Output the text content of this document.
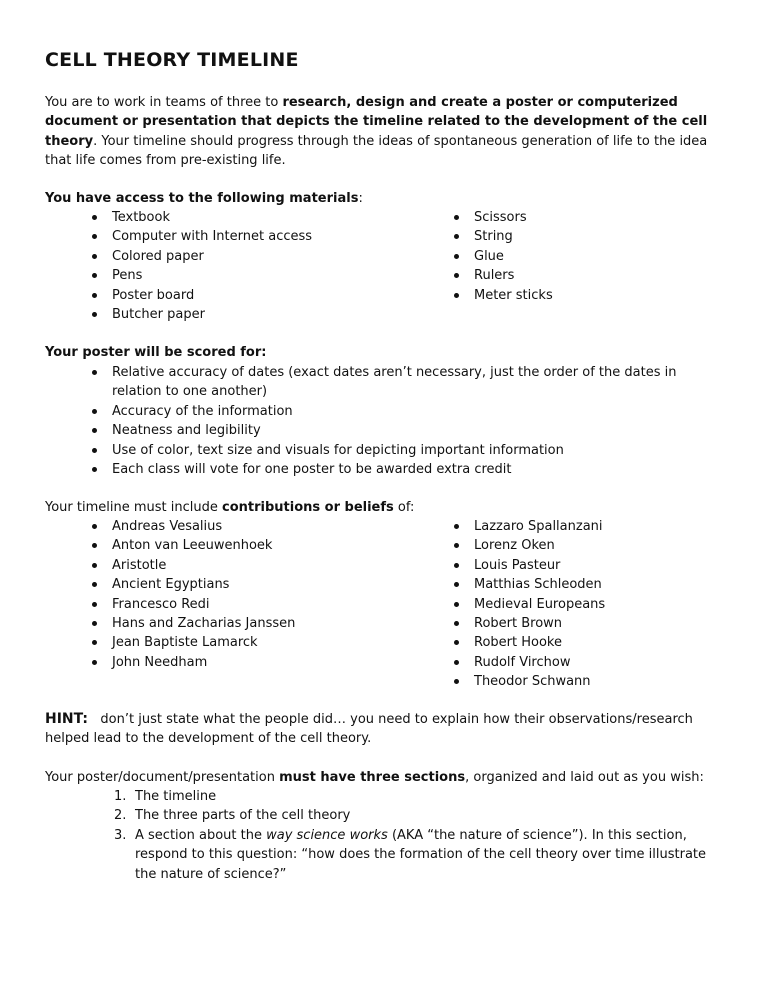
CELL THEORY TIMELINE

You are to work in teams of three to research, design and create a poster or computerized document or presentation that depicts the timeline related to the development of the cell theory. Your timeline should progress through the ideas of spontaneous generation of life to the idea that life comes from pre-existing life.

You have access to the following materials:

Textbook
Computer with Internet access
Colored paper
Pens
Poster board
Butcher paper
Scissors
String
Glue
Rulers
Meter sticks

Your poster will be scored for:

Relative accuracy of dates (exact dates aren’t necessary, just the order of the dates in relation to one another)
Accuracy of the information
Neatness and legibility
Use of color, text size and visuals for depicting important information
Each class will vote for one poster to be awarded extra credit

Your timeline must include contributions or beliefs of:

Andreas Vesalius
Anton van Leeuwenhoek
Aristotle
Ancient Egyptians
Francesco Redi
Hans and Zacharias Janssen
Jean Baptiste Lamarck
John Needham
Lazzaro Spallanzani
Lorenz Oken
Louis Pasteur
Matthias Schleoden
Medieval Europeans
Robert Brown
Robert Hooke
Rudolf Virchow
Theodor Schwann

HINT:   don’t just state what the people did… you need to explain how their observations/research helped lead to the development of the cell theory.

Your poster/document/presentation must have three sections, organized and laid out as you wish:

1. The timeline
2. The three parts of the cell theory
3. A section about the way science works (AKA “the nature of science”). In this section, respond to this question: “how does the formation of the cell theory over time illustrate the nature of science?”
